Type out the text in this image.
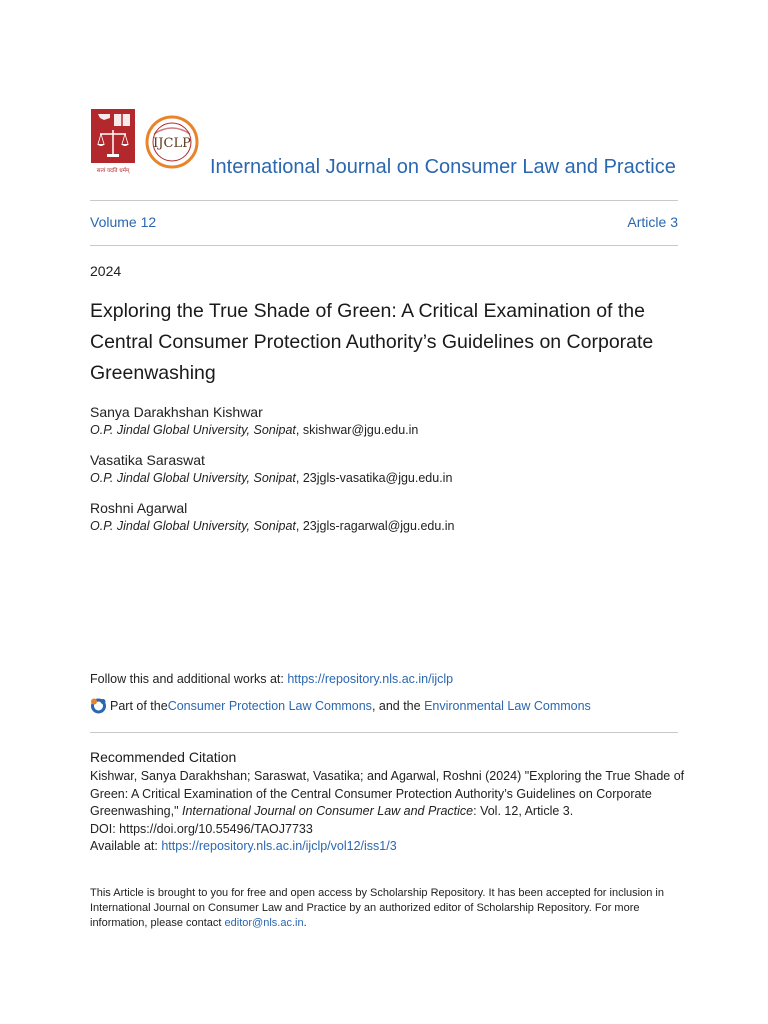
सत्यं वदति धर्मम्
IJCLP
International Journal on Consumer Law and Practice
Volume 12	Article 3
2024
Exploring the True Shade of Green: A Critical Examination of the Central Consumer Protection Authority’s Guidelines on Corporate Greenwashing
Sanya Darakhshan Kishwar
O.P. Jindal Global University, Sonipat, skishwar@jgu.edu.in
Vasatika Saraswat
O.P. Jindal Global University, Sonipat, 23jgls-vasatika@jgu.edu.in
Roshni Agarwal
O.P. Jindal Global University, Sonipat, 23jgls-ragarwal@jgu.edu.in
Follow this and additional works at: https://repository.nls.ac.in/ijclp
Part of the Consumer Protection Law Commons , and the Environmental Law Commons
Recommended Citation
Kishwar, Sanya Darakhshan; Saraswat, Vasatika; and Agarwal, Roshni (2024) "Exploring the True Shade of Green: A Critical Examination of the Central Consumer Protection Authority’s Guidelines on Corporate Greenwashing," International Journal on Consumer Law and Practice: Vol. 12, Article 3.
DOI: https://doi.org/10.55496/TAOJ7733
Available at: https://repository.nls.ac.in/ijclp/vol12/iss1/3
This Article is brought to you for free and open access by Scholarship Repository. It has been accepted for inclusion in International Journal on Consumer Law and Practice by an authorized editor of Scholarship Repository. For more information, please contact editor@nls.ac.in.
